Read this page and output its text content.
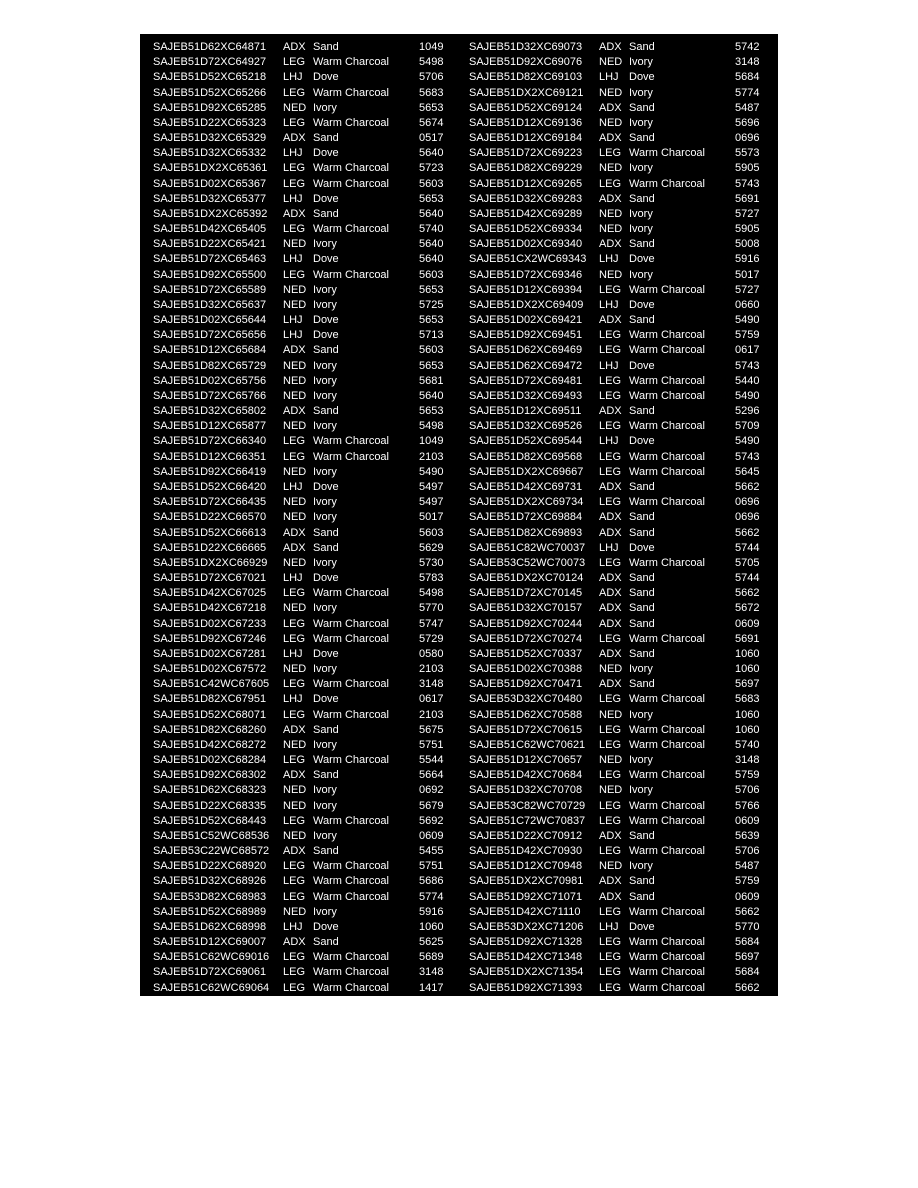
SAJEB51D62XC64871 ADX Sand	1049
SAJEB51D72XC64927 LEG Warm Charcoal	5498
SAJEB51D52XC65218 LHJ Dove	5706
SAJEB51D52XC65266 LEG Warm Charcoal	5683
SAJEB51D92XC65285 NED Ivory	5653
SAJEB51D22XC65323 LEG Warm Charcoal	5674
SAJEB51D32XC65329 ADX Sand	0517
SAJEB51D32XC65332 LHJ Dove	5640
SAJEB51DX2XC65361 LEG Warm Charcoal	5723
SAJEB51D02XC65367 LEG Warm Charcoal	5603
SAJEB51D32XC65377 LHJ Dove	5653
SAJEB51DX2XC65392 ADX Sand	5640
SAJEB51D42XC65405 LEG Warm Charcoal	5740
SAJEB51D22XC65421 NED Ivory	5640
SAJEB51D72XC65463 LHJ Dove	5640
SAJEB51D92XC65500 LEG Warm Charcoal	5603
SAJEB51D72XC65589 NED Ivory	5653
SAJEB51D32XC65637 NED Ivory	5725
SAJEB51D02XC65644 LHJ Dove	5653
SAJEB51D72XC65656 LHJ Dove	5713
SAJEB51D12XC65684 ADX Sand	5603
SAJEB51D82XC65729 NED Ivory	5653
SAJEB51D02XC65756 NED Ivory	5681
SAJEB51D72XC65766 NED Ivory	5640
SAJEB51D32XC65802 ADX Sand	5653
SAJEB51D12XC65877 NED Ivory	5498
SAJEB51D72XC66340 LEG Warm Charcoal	1049
SAJEB51D12XC66351 LEG Warm Charcoal	2103
SAJEB51D92XC66419 NED Ivory	5490
SAJEB51D52XC66420 LHJ Dove	5497
SAJEB51D72XC66435 NED Ivory	5497
SAJEB51D22XC66570 NED Ivory	5017
SAJEB51D52XC66613 ADX Sand	5603
SAJEB51D22XC66665 ADX Sand	5629
SAJEB51DX2XC66929 NED Ivory	5730
SAJEB51D72XC67021 LHJ Dove	5783
SAJEB51D42XC67025 LEG Warm Charcoal	5498
SAJEB51D42XC67218 NED Ivory	5770
SAJEB51D02XC67233 LEG Warm Charcoal	5747
SAJEB51D92XC67246 LEG Warm Charcoal	5729
SAJEB51D02XC67281 LHJ Dove	0580
SAJEB51D02XC67572 NED Ivory	2103
SAJEB51C42WC67605 LEG Warm Charcoal	3148
SAJEB51D82XC67951 LHJ Dove	0617
SAJEB51D52XC68071 LEG Warm Charcoal	2103
SAJEB51D82XC68260 ADX Sand	5675
SAJEB51D42XC68272 NED Ivory	5751
SAJEB51D02XC68284 LEG Warm Charcoal	5544
SAJEB51D92XC68302 ADX Sand	5664
SAJEB51D62XC68323 NED Ivory	0692
SAJEB51D22XC68335 NED Ivory	5679
SAJEB51D52XC68443 LEG Warm Charcoal	5692
SAJEB51C52WC68536 NED Ivory	0609
SAJEB53C22WC68572 ADX Sand	5455
SAJEB51D22XC68920 LEG Warm Charcoal	5751
SAJEB51D32XC68926 LEG Warm Charcoal	5686
SAJEB53D82XC68983 LEG Warm Charcoal	5774
SAJEB51D52XC68989 NED Ivory	5916
SAJEB51D62XC68998 LHJ Dove	1060
SAJEB51D12XC69007 ADX Sand	5625
SAJEB51C62WC69016 LEG Warm Charcoal	5689
SAJEB51D72XC69061 LEG Warm Charcoal	3148
SAJEB51C62WC69064 LEG Warm Charcoal	1417
SAJEB51D32XC69073 ADX Sand	5742
SAJEB51D92XC69076 NED Ivory	3148
SAJEB51D82XC69103 LHJ Dove	5684
SAJEB51DX2XC69121 NED Ivory	5774
SAJEB51D52XC69124 ADX Sand	5487
SAJEB51D12XC69136 NED Ivory	5696
SAJEB51D12XC69184 ADX Sand	0696
SAJEB51D72XC69223 LEG Warm Charcoal	5573
SAJEB51D82XC69229 NED Ivory	5905
SAJEB51D12XC69265 LEG Warm Charcoal	5743
SAJEB51D32XC69283 ADX Sand	5691
SAJEB51D42XC69289 NED Ivory	5727
SAJEB51D52XC69334 NED Ivory	5905
SAJEB51D02XC69340 ADX Sand	5008
SAJEB51CX2WC69343 LHJ Dove	5916
SAJEB51D72XC69346 NED Ivory	5017
SAJEB51D12XC69394 LEG Warm Charcoal	5727
SAJEB51DX2XC69409 LHJ Dove	0660
SAJEB51D02XC69421 ADX Sand	5490
SAJEB51D92XC69451 LEG Warm Charcoal	5759
SAJEB51D62XC69469 LEG Warm Charcoal	0617
SAJEB51D62XC69472 LHJ Dove	5743
SAJEB51D72XC69481 LEG Warm Charcoal	5440
SAJEB51D32XC69493 LEG Warm Charcoal	5490
SAJEB51D12XC69511 ADX Sand	5296
SAJEB51D32XC69526 LEG Warm Charcoal	5709
SAJEB51D52XC69544 LHJ Dove	5490
SAJEB51D82XC69568 LEG Warm Charcoal	5743
SAJEB51DX2XC69667 LEG Warm Charcoal	5645
SAJEB51D42XC69731 ADX Sand	5662
SAJEB51DX2XC69734 LEG Warm Charcoal	0696
SAJEB51D72XC69884 ADX Sand	0696
SAJEB51D82XC69893 ADX Sand	5662
SAJEB51C82WC70037 LHJ Dove	5744
SAJEB53C52WC70073 LEG Warm Charcoal	5705
SAJEB51DX2XC70124 ADX Sand	5744
SAJEB51D72XC70145 ADX Sand	5662
SAJEB51D32XC70157 ADX Sand	5672
SAJEB51D92XC70244 ADX Sand	0609
SAJEB51D72XC70274 LEG Warm Charcoal	5691
SAJEB51D52XC70337 ADX Sand	1060
SAJEB51D02XC70388 NED Ivory	1060
SAJEB51D92XC70471 ADX Sand	5697
SAJEB53D32XC70480 LEG Warm Charcoal	5683
SAJEB51D62XC70588 NED Ivory	1060
SAJEB51D72XC70615 LEG Warm Charcoal	1060
SAJEB51C62WC70621 LEG Warm Charcoal	5740
SAJEB51D12XC70657 NED Ivory	3148
SAJEB51D42XC70684 LEG Warm Charcoal	5759
SAJEB51D32XC70708 NED Ivory	5706
SAJEB53C82WC70729 LEG Warm Charcoal	5766
SAJEB51C72WC70837 LEG Warm Charcoal	0609
SAJEB51D22XC70912 ADX Sand	5639
SAJEB51D42XC70930 LEG Warm Charcoal	5706
SAJEB51D12XC70948 NED Ivory	5487
SAJEB51DX2XC70981 ADX Sand	5759
SAJEB51D92XC71071 ADX Sand	0609
SAJEB51D42XC71110 LEG Warm Charcoal	5662
SAJEB53DX2XC71206 LHJ Dove	5770
SAJEB51D92XC71328 LEG Warm Charcoal	5684
SAJEB51D42XC71348 LEG Warm Charcoal	5697
SAJEB51DX2XC71354 LEG Warm Charcoal	5684
SAJEB51D92XC71393 LEG Warm Charcoal	5662
